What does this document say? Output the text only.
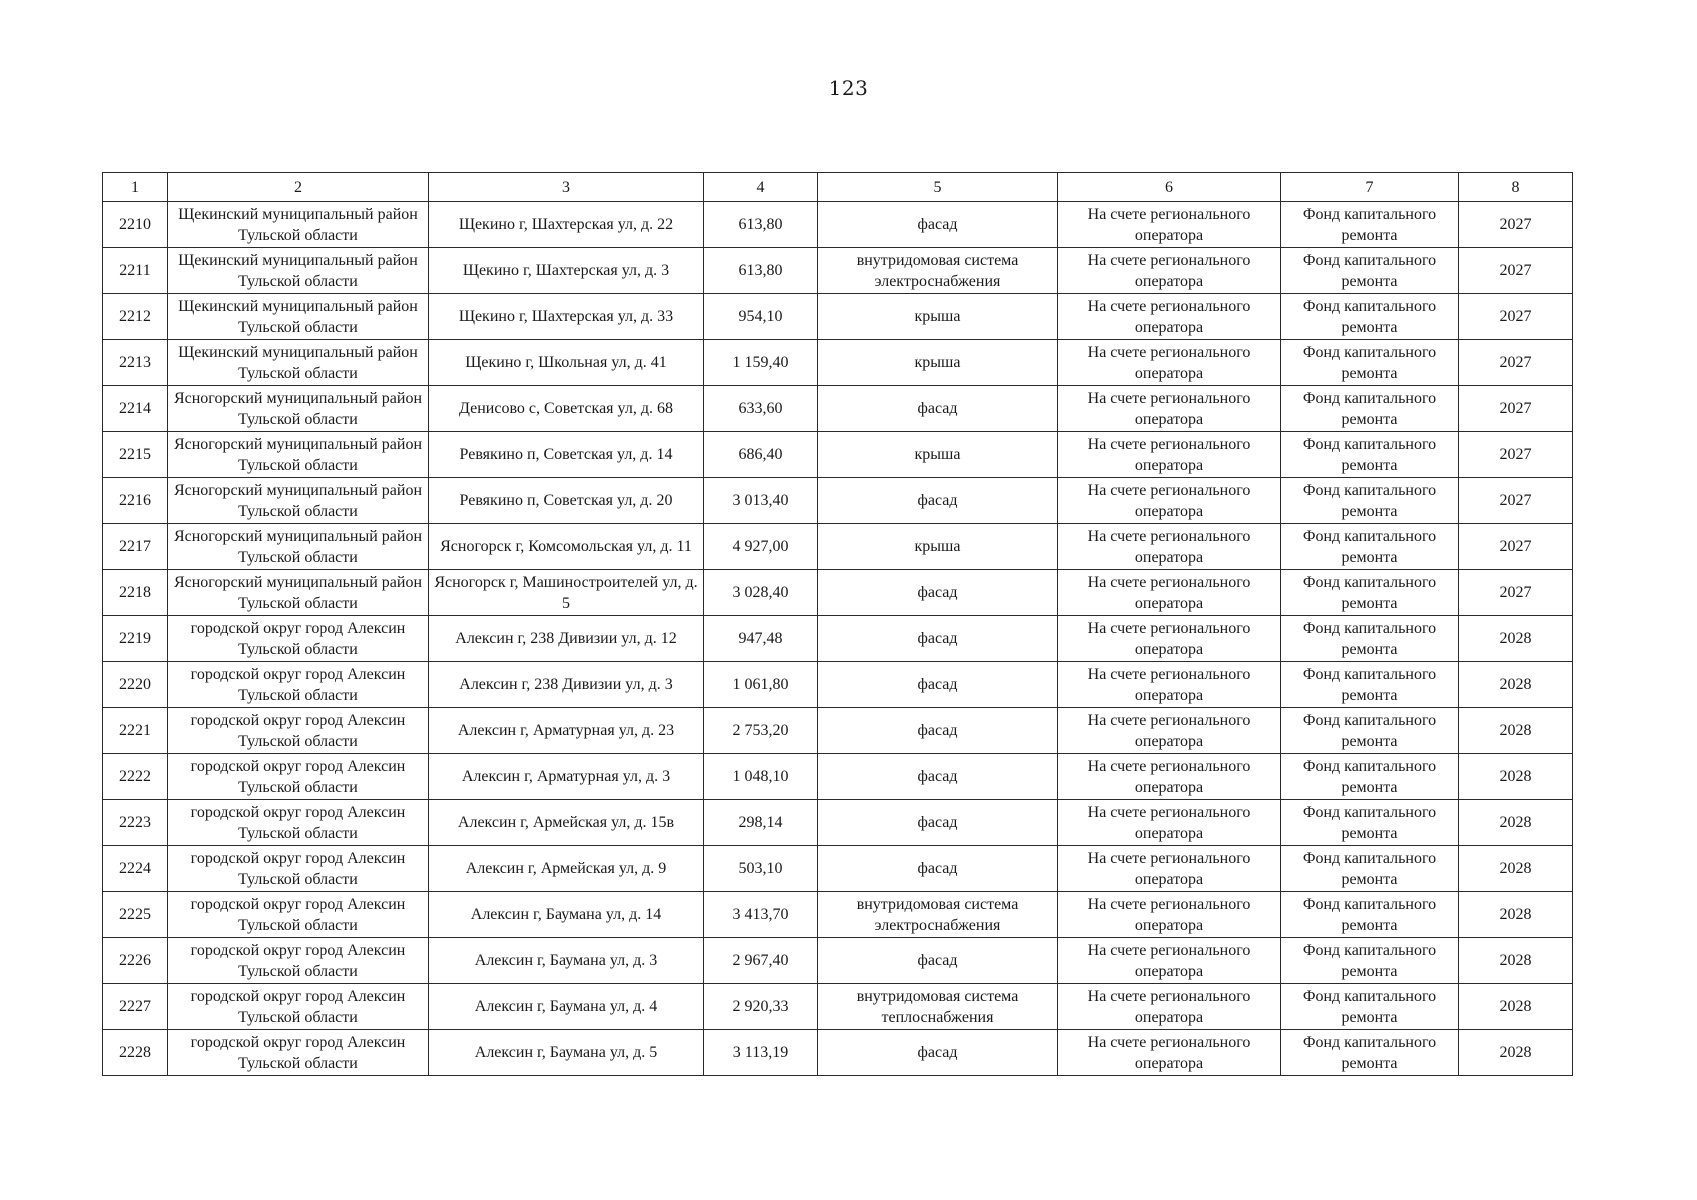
123
1	2	3	4	5	6	7	8
2210	Щекинский муниципальный район Тульской области	Щекино г, Шахтерская ул, д. 22	613,80	фасад	На счете регионального оператора	Фонд капитального ремонта	2027
2211	Щекинский муниципальный район Тульской области	Щекино г, Шахтерская ул, д. 3	613,80	внутридомовая система электроснабжения	На счете регионального оператора	Фонд капитального ремонта	2027
2212	Щекинский муниципальный район Тульской области	Щекино г, Шахтерская ул, д. 33	954,10	крыша	На счете регионального оператора	Фонд капитального ремонта	2027
2213	Щекинский муниципальный район Тульской области	Щекино г, Школьная ул, д. 41	1 159,40	крыша	На счете регионального оператора	Фонд капитального ремонта	2027
2214	Ясногорский муниципальный район Тульской области	Денисово с, Советская ул, д. 68	633,60	фасад	На счете регионального оператора	Фонд капитального ремонта	2027
2215	Ясногорский муниципальный район Тульской области	Ревякино п, Советская ул, д. 14	686,40	крыша	На счете регионального оператора	Фонд капитального ремонта	2027
2216	Ясногорский муниципальный район Тульской области	Ревякино п, Советская ул, д. 20	3 013,40	фасад	На счете регионального оператора	Фонд капитального ремонта	2027
2217	Ясногорский муниципальный район Тульской области	Ясногорск г, Комсомольская ул, д. 11	4 927,00	крыша	На счете регионального оператора	Фонд капитального ремонта	2027
2218	Ясногорский муниципальный район Тульской области	Ясногорск г, Машиностроителей ул, д. 5	3 028,40	фасад	На счете регионального оператора	Фонд капитального ремонта	2027
2219	городской округ город Алексин Тульской области	Алексин г, 238 Дивизии ул, д. 12	947,48	фасад	На счете регионального оператора	Фонд капитального ремонта	2028
2220	городской округ город Алексин Тульской области	Алексин г, 238 Дивизии ул, д. 3	1 061,80	фасад	На счете регионального оператора	Фонд капитального ремонта	2028
2221	городской округ город Алексин Тульской области	Алексин г, Арматурная ул, д. 23	2 753,20	фасад	На счете регионального оператора	Фонд капитального ремонта	2028
2222	городской округ город Алексин Тульской области	Алексин г, Арматурная ул, д. 3	1 048,10	фасад	На счете регионального оператора	Фонд капитального ремонта	2028
2223	городской округ город Алексин Тульской области	Алексин г, Армейская ул, д. 15в	298,14	фасад	На счете регионального оператора	Фонд капитального ремонта	2028
2224	городской округ город Алексин Тульской области	Алексин г, Армейская ул, д. 9	503,10	фасад	На счете регионального оператора	Фонд капитального ремонта	2028
2225	городской округ город Алексин Тульской области	Алексин г, Баумана ул, д. 14	3 413,70	внутридомовая система электроснабжения	На счете регионального оператора	Фонд капитального ремонта	2028
2226	городской округ город Алексин Тульской области	Алексин г, Баумана ул, д. 3	2 967,40	фасад	На счете регионального оператора	Фонд капитального ремонта	2028
2227	городской округ город Алексин Тульской области	Алексин г, Баумана ул, д. 4	2 920,33	внутридомовая система теплоснабжения	На счете регионального оператора	Фонд капитального ремонта	2028
2228	городской округ город Алексин Тульской области	Алексин г, Баумана ул, д. 5	3 113,19	фасад	На счете регионального оператора	Фонд капитального ремонта	2028
